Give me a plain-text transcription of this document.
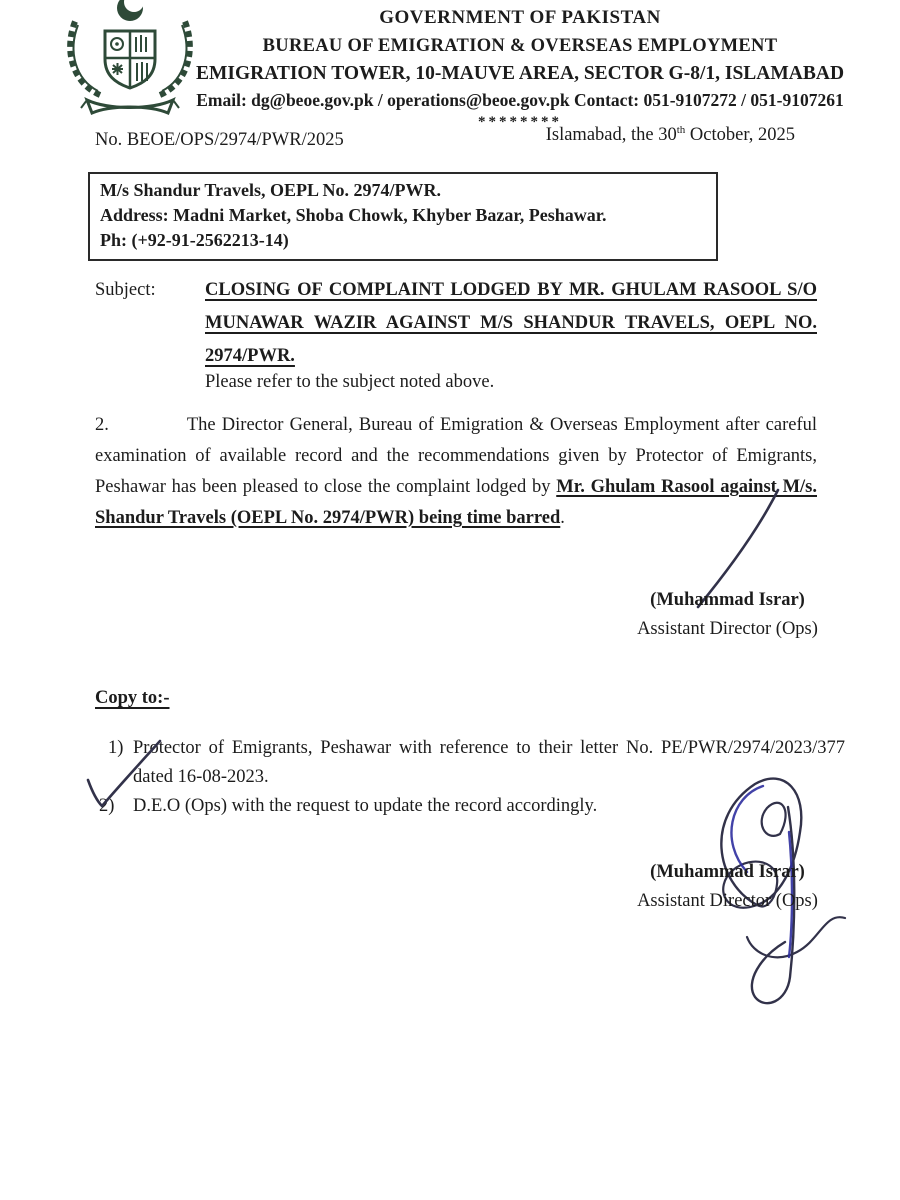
GOVERNMENT OF PAKISTAN
BUREAU OF EMIGRATION & OVERSEAS EMPLOYMENT
EMIGRATION TOWER, 10-MAUVE AREA, SECTOR G-8/1, ISLAMABAD
Email: dg@beoe.gov.pk / operations@beoe.gov.pk Contact: 051-9107272 / 051-9107261
********
No. BEOE/OPS/2974/PWR/2025	Islamabad, the 30th October, 2025
M/s Shandur Travels, OEPL No. 2974/PWR.
Address: Madni Market, Shoba Chowk, Khyber Bazar, Peshawar.
Ph: (+92-91-2562213-14)
Subject:	CLOSING OF COMPLAINT LODGED BY MR. GHULAM RASOOL S/O
MUNAWAR WAZIR AGAINST M/S SHANDUR TRAVELS, OEPL NO.
2974/PWR.
Please refer to the subject noted above.
2.	The Director General, Bureau of Emigration & Overseas Employment after careful examination of available record and the recommendations given by Protector of Emigrants, Peshawar has been pleased to close the complaint lodged by Mr. Ghulam Rasool against M/s. Shandur Travels (OEPL No. 2974/PWR) being time barred.
(Muhammad Israr)
Assistant Director (Ops)
Copy to:-
1) Protector of Emigrants, Peshawar with reference to their letter No. PE/PWR/2974/2023/377 dated 16-08-2023.
2)	D.E.O (Ops) with the request to update the record accordingly.
(Muhammad Israr)
Assistant Director (Ops)
